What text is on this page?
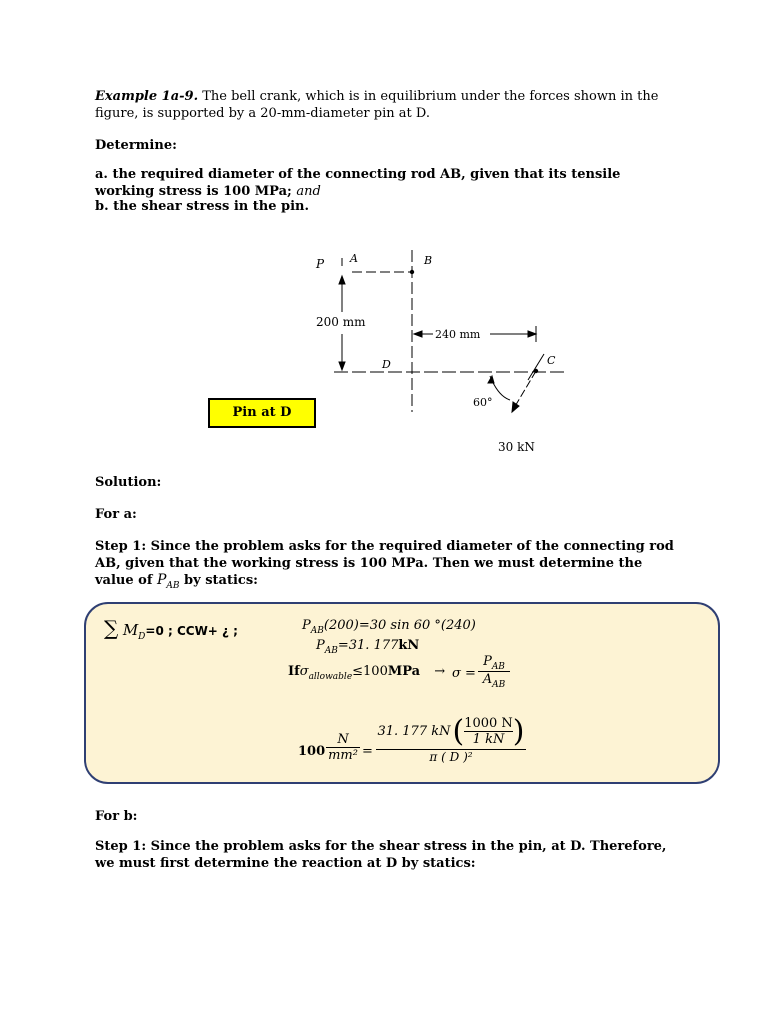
Example 1a-9. The bell crank, which is in equilibrium under the forces shown in the figure, is supported by a 20-mm-diameter pin at D.
Determine:
a. the required diameter of the connecting rod AB, given that its tensile working stress is 100 MPa; and
b. the shear stress in the pin.
P A	B
D	C
200 mm
240 mm
60°
30 kN
Pin at D
Solution:
For a:
Step 1: Since the problem asks for the required diameter of the connecting rod AB, given that the working stress is 100 MPa. Then we must determine the value of $P_{AB}$ by statics:
∑ $M_D=0$ ; CCW+ ¿ ;	$P_{AB}(200)=30$ sin 60 °(240)
$P_{AB}=31$. 177kN
Ifσ$_{allowable}$≤100MPa → σ =
$P_{AB}$
$A_{AB}$
100
N
mm² =
31. 177 kN ( 1000 N
1 kN )
π ( D )²
For b:
Step 1: Since the problem asks for the shear stress in the pin, at D. Therefore, we must first determine the reaction at D by statics:
